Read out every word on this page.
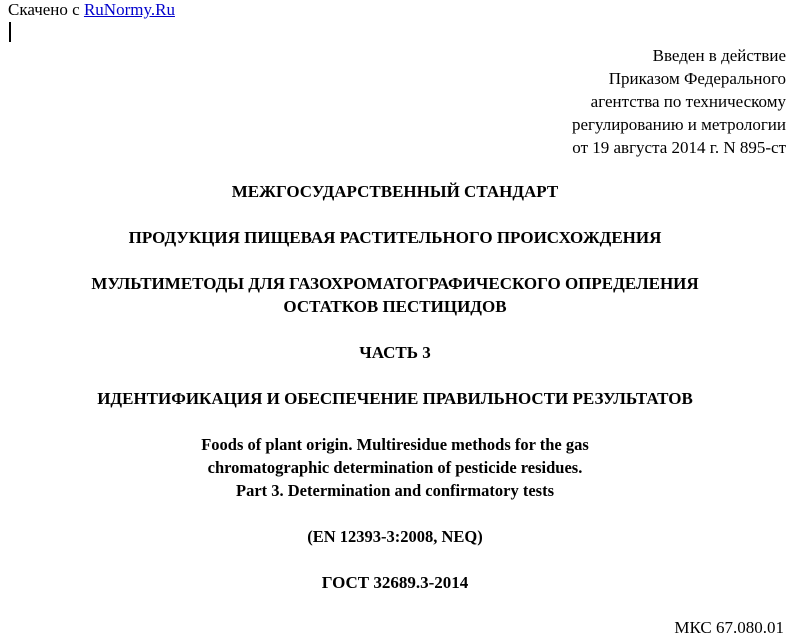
Скачено с RuNormy.Ru
Введен в действие
Приказом Федерального
агентства по техническому
регулированию и метрологии
от 19 августа 2014 г. N 895-ст
МЕЖГОСУДАРСТВЕННЫЙ СТАНДАРТ
ПРОДУКЦИЯ ПИЩЕВАЯ РАСТИТЕЛЬНОГО ПРОИСХОЖДЕНИЯ
МУЛЬТИМЕТОДЫ ДЛЯ ГАЗОХРОМАТОГРАФИЧЕСКОГО ОПРЕДЕЛЕНИЯ
ОСТАТКОВ ПЕСТИЦИДОВ
ЧАСТЬ 3
ИДЕНТИФИКАЦИЯ И ОБЕСПЕЧЕНИЕ ПРАВИЛЬНОСТИ РЕЗУЛЬТАТОВ
Foods of plant origin. Multiresidue methods for the gas
chromatographic determination of pesticide residues.
Part 3. Determination and confirmatory tests
(EN 12393-3:2008, NEQ)
ГОСТ 32689.3-2014
МКС 67.080.01
